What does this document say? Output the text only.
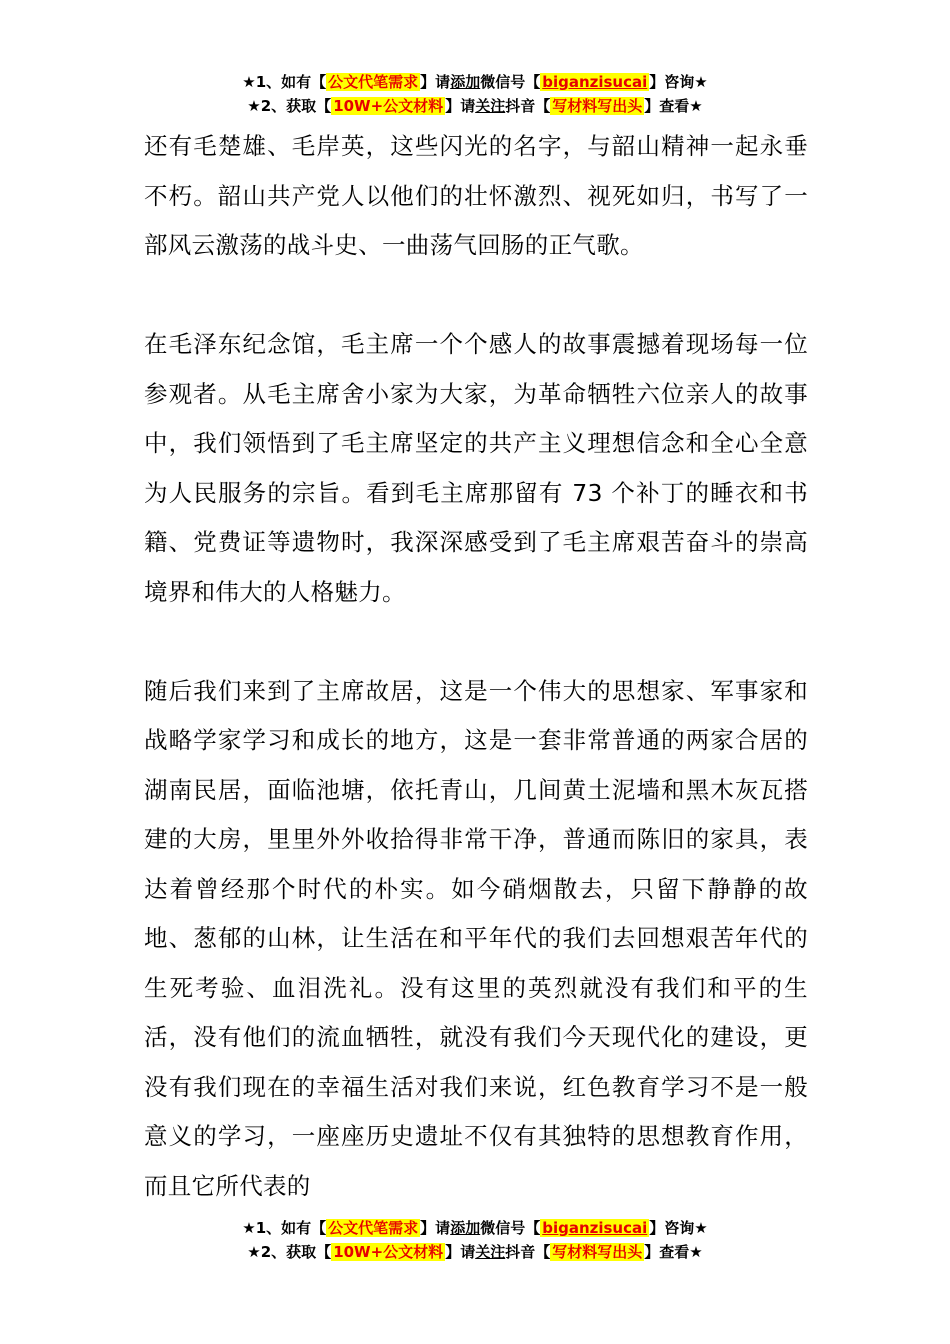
★1、如有【 公文代笔需求 】请添加微信号【 biganzisucai 】咨询★
★2、获取【 10W+公文材料 】请关注抖音【 写材料写出头 】查看★

还有毛楚雄、毛岸英，这些闪光的名字，与韶山精神一起永垂不朽。韶山共产党人以他们的壮怀激烈、视死如归，书写了一部风云激荡的战斗史、一曲荡气回肠的正气歌。

在毛泽东纪念馆，毛主席一个个感人的故事震撼着现场每一位参观者。从毛主席舍小家为大家，为革命牺牲六位亲人的故事中，我们领悟到了毛主席坚定的共产主义理想信念和全心全意为人民服务的宗旨。看到毛主席那留有 73 个补丁的睡衣和书籍、党费证等遗物时，我深深感受到了毛主席艰苦奋斗的崇高境界和伟大的人格魅力。

随后我们来到了主席故居，这是一个伟大的思想家、军事家和战略学家学习和成长的地方，这是一套非常普通的两家合居的湖南民居，面临池塘，依托青山，几间黄土泥墙和黑木灰瓦搭建的大房，里里外外收拾得非常干净，普通而陈旧的家具，表达着曾经那个时代的朴实。如今硝烟散去，只留下静静的故地、葱郁的山林，让生活在和平年代的我们去回想艰苦年代的生死考验、血泪洗礼。没有这里的英烈就没有我们和平的生活，没有他们的流血牺牲，就没有我们今天现代化的建设，更没有我们现在的幸福生活对我们来说，红色教育学习不是一般意义的学习，一座座历史遗址不仅有其独特的思想教育作用，而且它所代表的

★1、如有【 公文代笔需求 】请添加微信号【 biganzisucai 】咨询★
★2、获取【 10W+公文材料 】请关注抖音【 写材料写出头 】查看★
